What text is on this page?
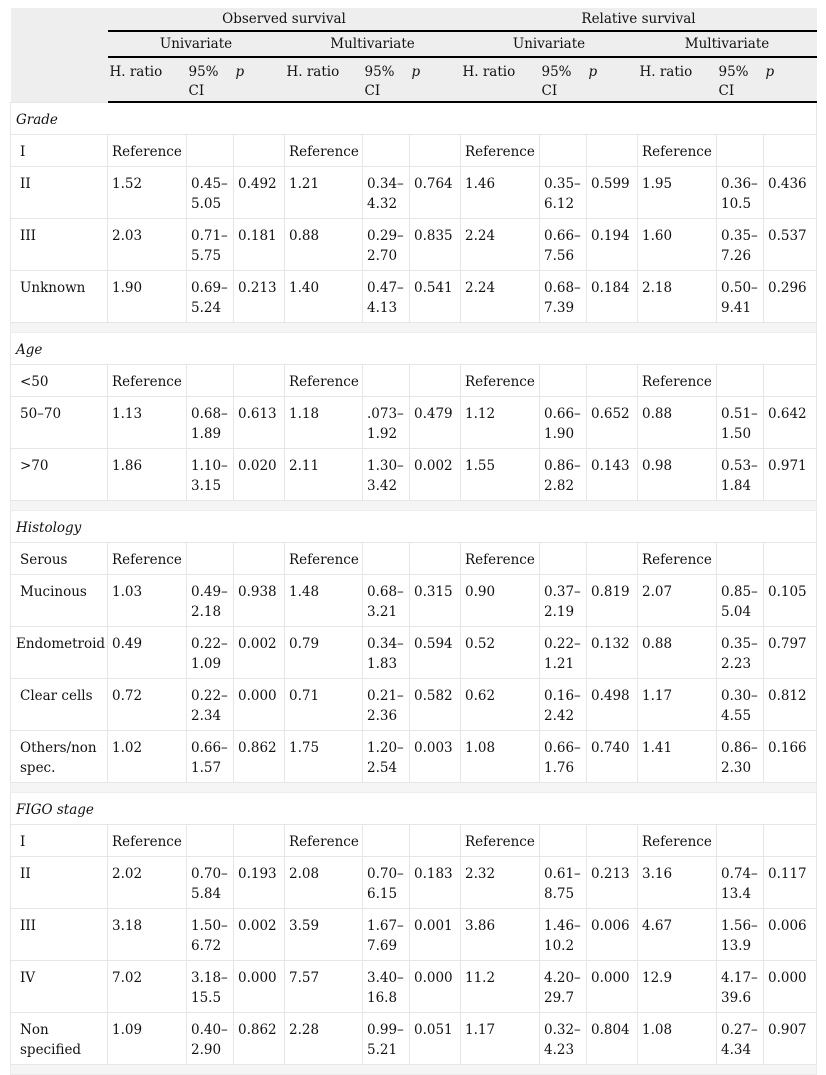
	Observed survival						Relative survival					
	Univariate			Multivariate			Univariate			Multivariate		
	H. ratio	95% CI	p	H. ratio	95% CI	p	H. ratio	95% CI	p	H. ratio	95% CI	p
Grade												
I	Reference			Reference			Reference			Reference		
II	1.52	0.45–5.05	0.492	1.21	0.34–4.32	0.764	1.46	0.35–6.12	0.599	1.95	0.36–10.5	0.436
III	2.03	0.71–5.75	0.181	0.88	0.29–2.70	0.835	2.24	0.66–7.56	0.194	1.60	0.35–7.26	0.537
Unknown	1.90	0.69–5.24	0.213	1.40	0.47–4.13	0.541	2.24	0.68–7.39	0.184	2.18	0.50–9.41	0.296

Age												
<50	Reference			Reference			Reference			Reference		
50–70	1.13	0.68–1.89	0.613	1.18	.073–1.92	0.479	1.12	0.66–1.90	0.652	0.88	0.51–1.50	0.642
>70	1.86	1.10–3.15	0.020	2.11	1.30–3.42	0.002	1.55	0.86–2.82	0.143	0.98	0.53–1.84	0.971

Histology												
Serous	Reference			Reference			Reference			Reference		
Mucinous	1.03	0.49–2.18	0.938	1.48	0.68–3.21	0.315	0.90	0.37–2.19	0.819	2.07	0.85–5.04	0.105
Endometroid	0.49	0.22–1.09	0.002	0.79	0.34–1.83	0.594	0.52	0.22–1.21	0.132	0.88	0.35–2.23	0.797
Clear cells	0.72	0.22–2.34	0.000	0.71	0.21–2.36	0.582	0.62	0.16–2.42	0.498	1.17	0.30–4.55	0.812
Others/non spec.	1.02	0.66–1.57	0.862	1.75	1.20–2.54	0.003	1.08	0.66–1.76	0.740	1.41	0.86–2.30	0.166

FIGO stage												
I	Reference			Reference			Reference			Reference		
II	2.02	0.70–5.84	0.193	2.08	0.70–6.15	0.183	2.32	0.61–8.75	0.213	3.16	0.74–13.4	0.117
III	3.18	1.50–6.72	0.002	3.59	1.67–7.69	0.001	3.86	1.46–10.2	0.006	4.67	1.56–13.9	0.006
IV	7.02	3.18–15.5	0.000	7.57	3.40–16.8	0.000	11.2	4.20–29.7	0.000	12.9	4.17–39.6	0.000
Non specified	1.09	0.40–2.90	0.862	2.28	0.99–5.21	0.051	1.17	0.32–4.23	0.804	1.08	0.27–4.34	0.907
